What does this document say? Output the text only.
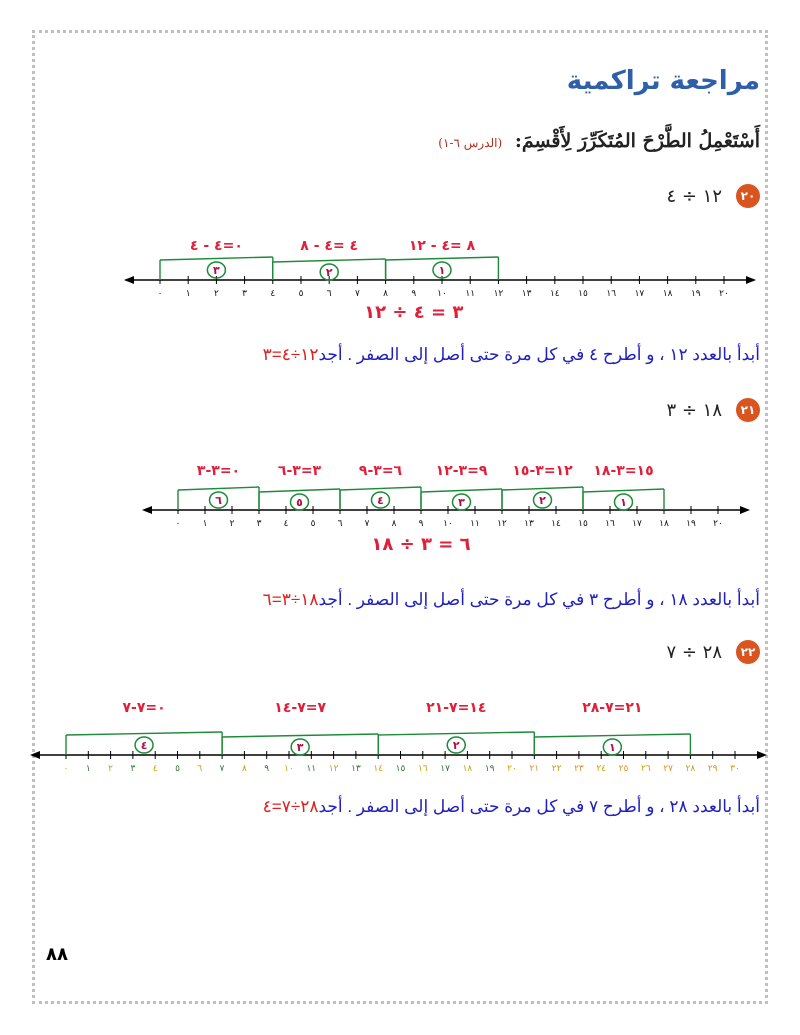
مراجعة تراكمية
أَسْتَعْمِلُ الطَّرْحَ المُتَكَرِّرَ لِأَقْسِمَ: (الدرس ٦-١)
٢٠
١٢ ÷ ٤
٠	١	٢	٣	٤	٥	٦	٧	٨	٩ ١٠ ١١ ١٢ ١٣ ١٤ ١٥ ١٦ ١٧ ١٨ ١٩ ٢٠
٣
٠=٤ - ٤
٢
٤ =٤ - ٨
١
٨ =٤ - ١٢
٣ = ٤ ÷ ١٢
أبدأ بالعدد ١٢ ، و أطرح ٤ في كل مرة حتى أصل إلى الصفر . أجد١٢÷٤=٣
٢١
١٨ ÷ ٣
٠ ١ ٢ ٣ ٤ ٥ ٦ ٧ ٨ ٩ ١٠ ١١ ١٢ ١٣ ١٤ ١٥ ١٦ ١٧ ١٨ ١٩ ٢٠
٦
٠=٣-٣
٥
٣=٣-٦
٤
٦=٣-٩
٣
٩=٣-١٢
٢
١٢=٣-١٥
١
١٥=٣-١٨
٦ = ٣ ÷ ١٨
أبدأ بالعدد ١٨ ، و أطرح ٣ في كل مرة حتى أصل إلى الصفر . أجد١٨÷٣=٦
٢٢
٢٨ ÷ ٧
٠ ١ ٢ ٣ ٤ ٥ ٦ ٧ ٨ ٩ ١٠ ١١ ١٢ ١٣ ١٤ ١٥ ١٦ ١٧ ١٨ ١٩ ٢٠ ٢١ ٢٢ ٢٣ ٢٤ ٢٥ ٢٦ ٢٧ ٢٨ ٢٩ ٣٠
٤
٠=٧-٧
٣
٧=٧-١٤
٢
١٤=٧-٢١
١
٢١=٧-٢٨
أبدأ بالعدد ٢٨ ، و أطرح ٧ في كل مرة حتى أصل إلى الصفر . أجد٢٨÷٧=٤
٨٨
